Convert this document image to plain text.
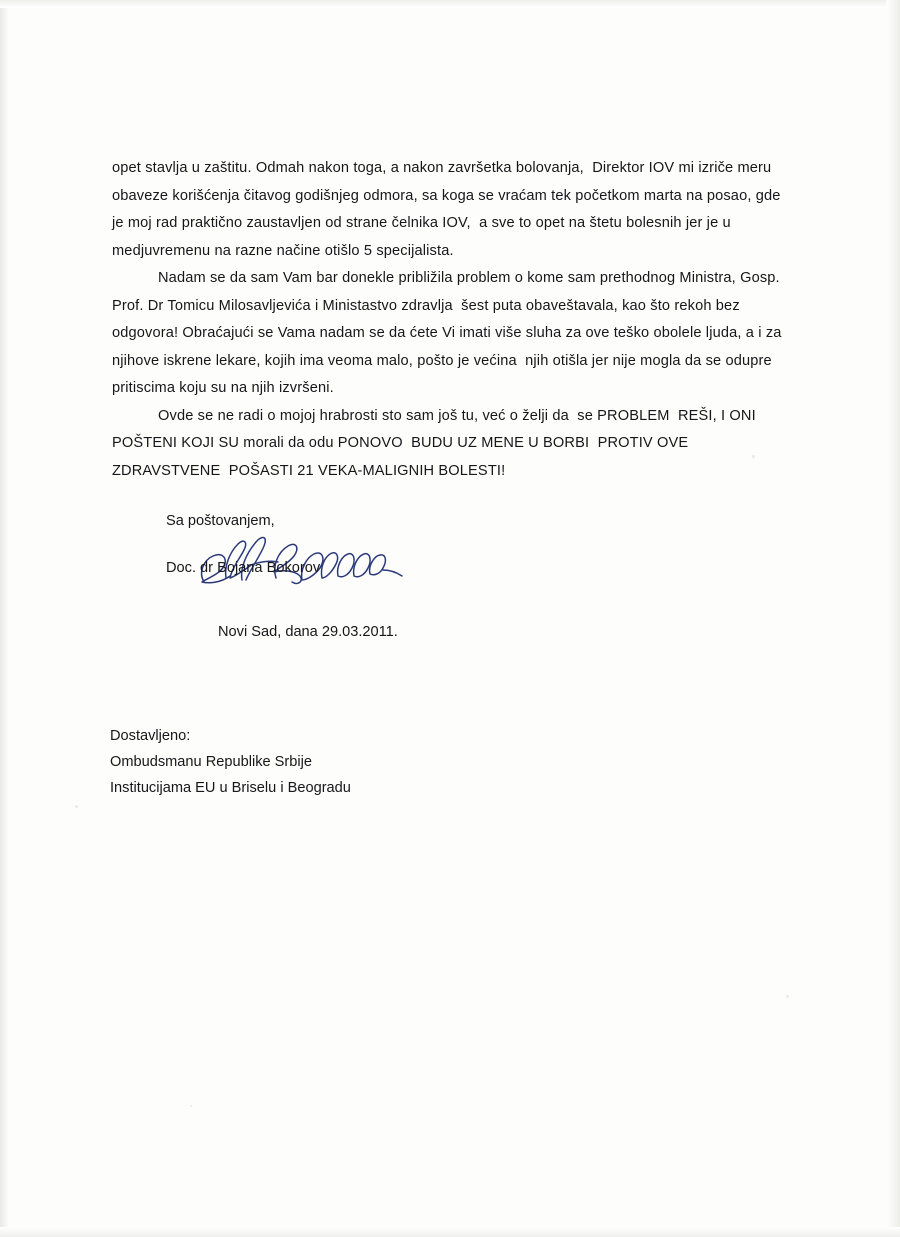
opet stavlja u zaštitu. Odmah nakon toga, a nakon završetka bolovanja,  Direktor IOV mi izriče meru obaveze korišćenja čitavog godišnjeg odmora, sa koga se vraćam tek početkom marta na posao, gde je moj rad praktično zaustavljen od strane čelnika IOV,  a sve to opet na štetu bolesnih jer je u medjuvremenu na razne načine otišlo 5 specijalista.

Nadam se da sam Vam bar donekle približila problem o kome sam prethodnog Ministra, Gosp. Prof. Dr Tomicu Milosavljevića i Ministastvo zdravlja  šest puta obaveštavala, kao što rekoh bez odgovora! Obraćajući se Vama nadam se da ćete Vi imati više sluha za ove teško obolele ljuda, a i za njihove iskrene lekare, kojih ima veoma malo, pošto je većina  njih otišla jer nije mogla da se odupre pritiscima koju su na njih izvršeni.

Ovde se ne radi o mojoj hrabrosti sto sam još tu, već o želji da  se PROBLEM  REŠI, I ONI POŠTENI KOJI SU morali da odu PONOVO  BUDU UZ MENE U BORBI  PROTIV OVE ZDRAVSTVENE  POŠASTI 21 VEKA-MALIGNIH BOLESTI!

Sa poštovanjem,
Doc. dr Bojana Bokorov
Novi Sad, dana 29.03.2011.
Dostavljeno:
Ombudsmanu Republike Srbije
Institucijama EU u Briselu i Beogradu
